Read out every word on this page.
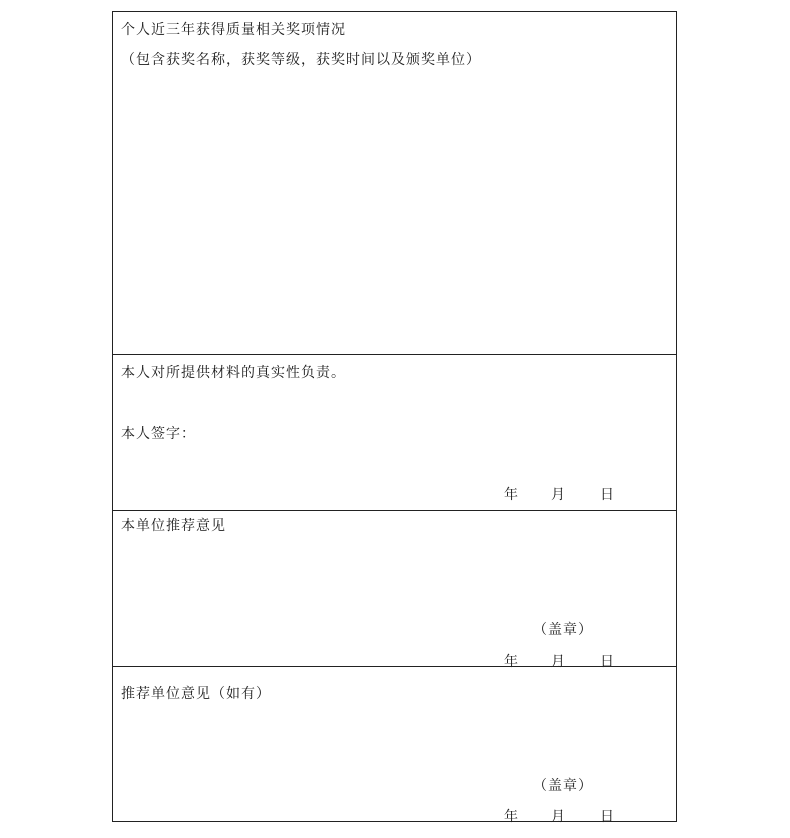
个人近三年获得质量相关奖项情况
（包含获奖名称，获奖等级，获奖时间以及颁奖单位）
本人对所提供材料的真实性负责。
本人签字：
年 月	日
本单位推荐意见
（盖章）
年 月	日
推荐单位意见（如有）
（盖章）
年 月	日
